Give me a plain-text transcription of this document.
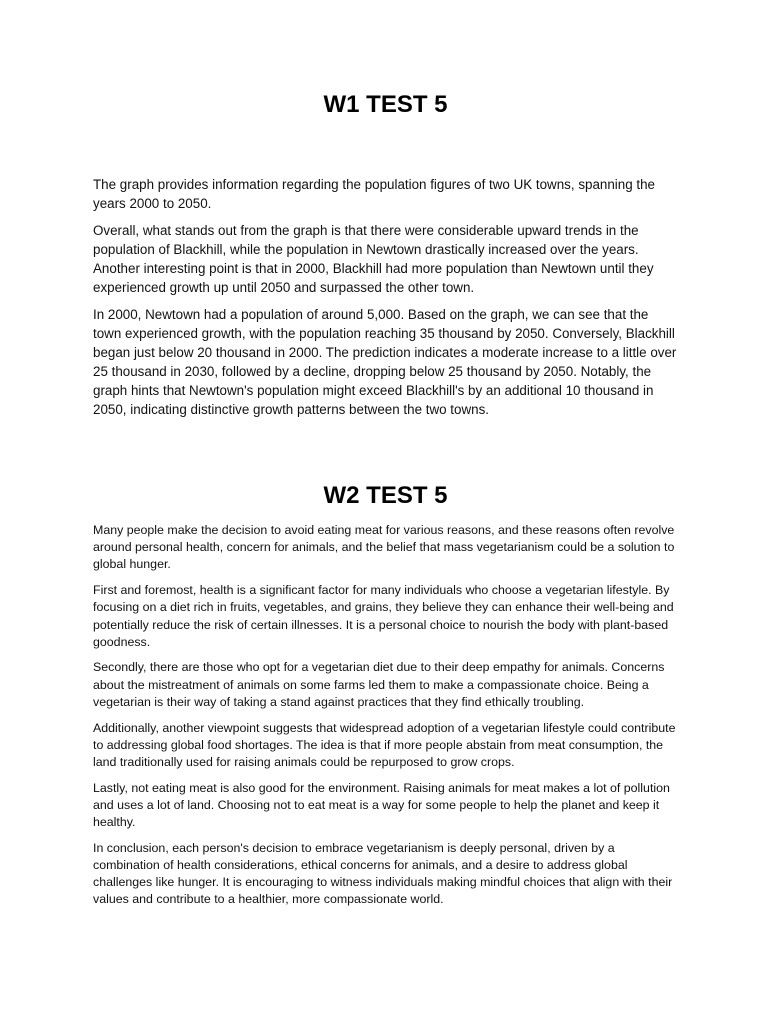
W1 TEST 5

The graph provides information regarding the population figures of two UK towns, spanning the years 2000 to 2050.

Overall, what stands out from the graph is that there were considerable upward trends in the population of Blackhill, while the population in Newtown drastically increased over the years. Another interesting point is that in 2000, Blackhill had more population than Newtown until they experienced growth up until 2050 and surpassed the other town.

In 2000, Newtown had a population of around 5,000. Based on the graph, we can see that the town experienced growth, with the population reaching 35 thousand by 2050. Conversely, Blackhill began just below 20 thousand in 2000. The prediction indicates a moderate increase to a little over 25 thousand in 2030, followed by a decline, dropping below 25 thousand by 2050. Notably, the graph hints that Newtown's population might exceed Blackhill's by an additional 10 thousand in 2050, indicating distinctive growth patterns between the two towns.

W2 TEST 5

Many people make the decision to avoid eating meat for various reasons, and these reasons often revolve around personal health, concern for animals, and the belief that mass vegetarianism could be a solution to global hunger.

First and foremost, health is a significant factor for many individuals who choose a vegetarian lifestyle. By focusing on a diet rich in fruits, vegetables, and grains, they believe they can enhance their well-being and potentially reduce the risk of certain illnesses. It is a personal choice to nourish the body with plant-based goodness.

Secondly, there are those who opt for a vegetarian diet due to their deep empathy for animals. Concerns about the mistreatment of animals on some farms led them to make a compassionate choice. Being a vegetarian is their way of taking a stand against practices that they find ethically troubling.

Additionally, another viewpoint suggests that widespread adoption of a vegetarian lifestyle could contribute to addressing global food shortages. The idea is that if more people abstain from meat consumption, the land traditionally used for raising animals could be repurposed to grow crops.

Lastly, not eating meat is also good for the environment. Raising animals for meat makes a lot of pollution and uses a lot of land. Choosing not to eat meat is a way for some people to help the planet and keep it healthy.

In conclusion, each person's decision to embrace vegetarianism is deeply personal, driven by a combination of health considerations, ethical concerns for animals, and a desire to address global challenges like hunger. It is encouraging to witness individuals making mindful choices that align with their values and contribute to a healthier, more compassionate world.
